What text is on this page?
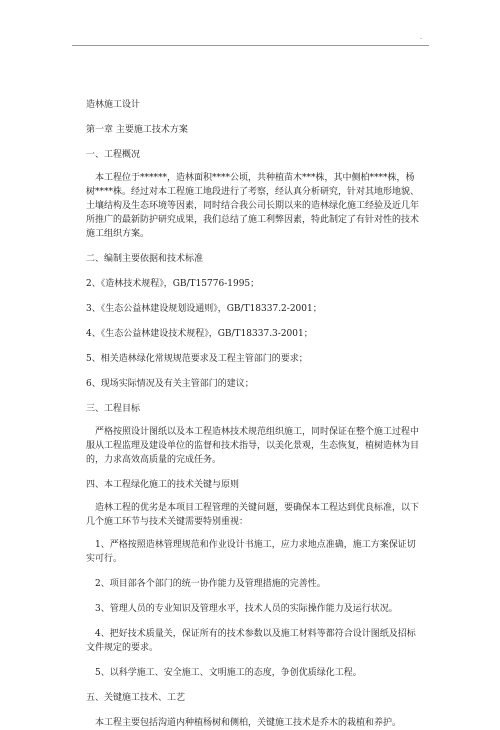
.

造林施工设计

第一章 主要施工技术方案

一、工程概况

本工程位于******，造林面积****公顷，共种植苗木***株，其中侧柏****株，杨树****株。经过对本工程施工地段进行了考察，经认真分析研究，针对其地形地貌、土壤结构及生态环境等因素，同时结合我公司长期以来的造林绿化施工经验及近几年所推广的最新防护研究成果，我们总结了施工利弊因素，特此制定了有针对性的技术施工组织方案。

二、编制主要依据和技术标准

2、《造林技术规程》，GB/T15776-1995；

3、《生态公益林建设规划设通则》，GB/T18337.2-2001；

4、《生态公益林建设技术规程》，GB/T18337.3-2001；

5、相关造林绿化常规规范要求及工程主管部门的要求；

6、现场实际情况及有关主管部门的建议；

三、工程目标

严格按照设计图纸以及本工程造林技术规范组织施工，同时保证在整个施工过程中服从工程监理及建设单位的监督和技术指导，以美化景观，生态恢复，植树造林为目的，力求高效高质量的完成任务。

四、本工程绿化施工的技术关键与原则

造林工程的优劣是本项目工程管理的关键问题，要确保本工程达到优良标准，以下几个施工环节与技术关键需要特别重视：

1、严格按照造林管理规范和作业设计书施工，应力求地点准确，施工方案保证切实可行。

2、项目部各个部门的统一协作能力及管理措施的完善性。

3、管理人员的专业知识及管理水平，技术人员的实际操作能力及运行状况。

4、把好技术质量关，保证所有的技术参数以及施工材料等都符合设计图纸及招标文件规定的要求。

5、以科学施工、安全施工、文明施工的态度，争创优质绿化工程。

五、关键施工技术、工艺

本工程主要包括沟道内种植杨树和侧柏，关键施工技术是乔木的栽植和养护。
